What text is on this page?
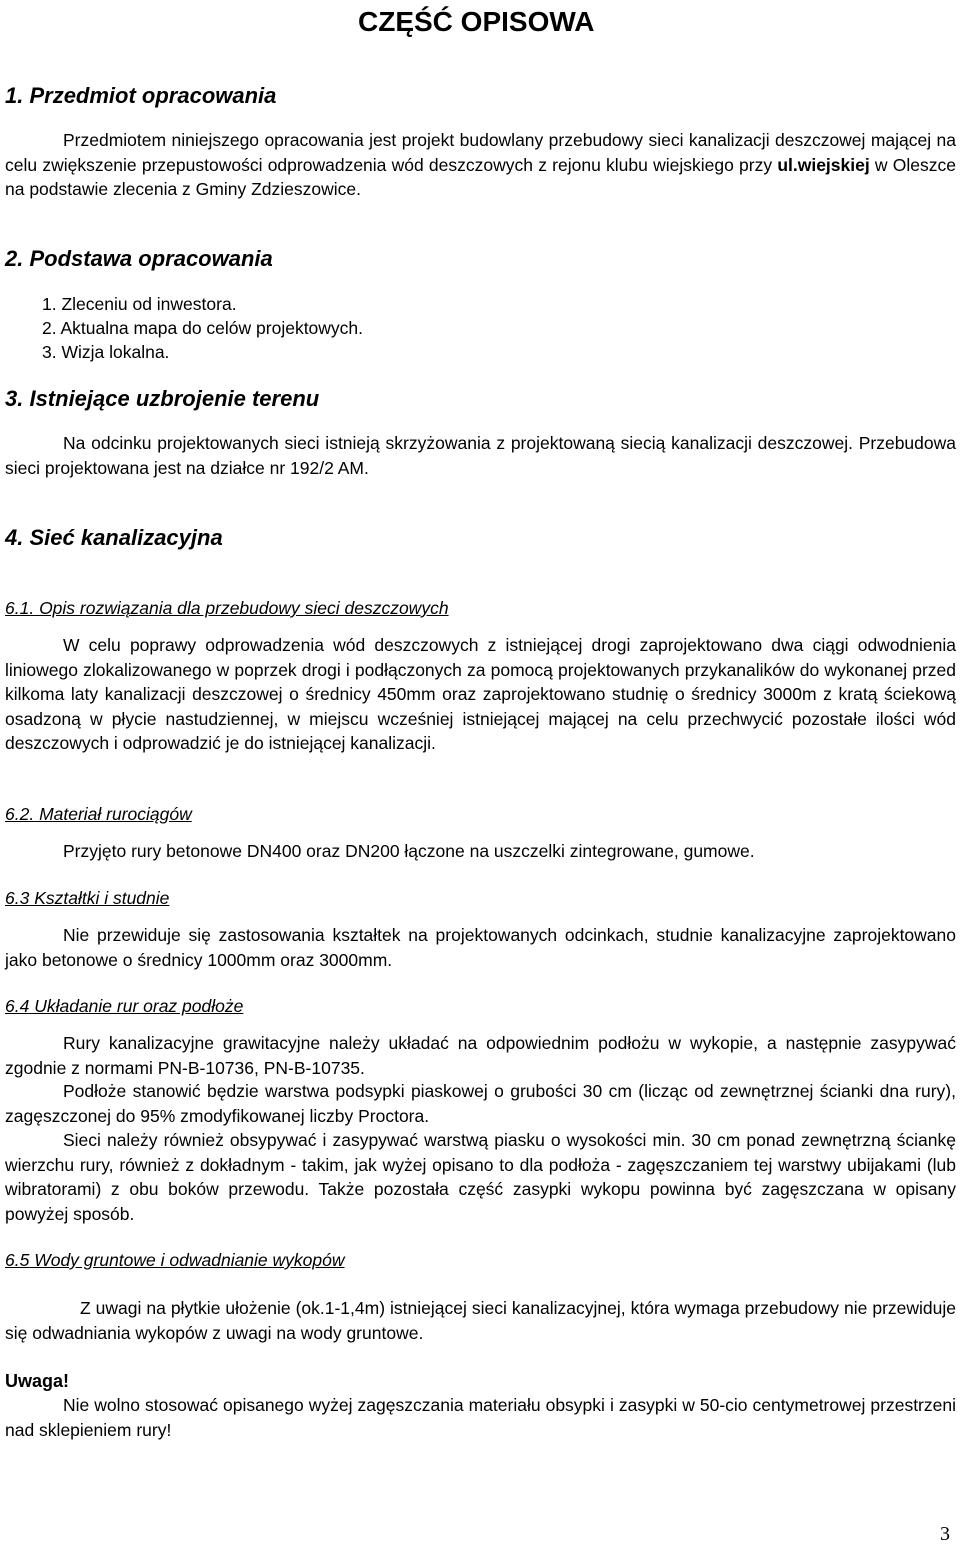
CZĘŚĆ OPISOWA
1. Przedmiot opracowania
Przedmiotem niniejszego opracowania jest projekt budowlany przebudowy sieci kanalizacji deszczowej mającej na celu zwiększenie przepustowości odprowadzenia wód deszczowych z rejonu klubu wiejskiego przy ul.wiejskiej w Oleszce na podstawie zlecenia z Gminy Zdzieszowice.
2. Podstawa opracowania
1. Zleceniu od inwestora.
2. Aktualna mapa do celów projektowych.
3. Wizja lokalna.
3. Istniejące uzbrojenie terenu
Na odcinku projektowanych sieci istnieją skrzyżowania z projektowaną siecią kanalizacji deszczowej. Przebudowa sieci projektowana jest na działce nr 192/2 AM.
4. Sieć kanalizacyjna
6.1. Opis rozwiązania dla przebudowy sieci deszczowych
W celu poprawy odprowadzenia wód deszczowych z istniejącej drogi zaprojektowano dwa ciągi odwodnienia liniowego zlokalizowanego w poprzek drogi i podłączonych za pomocą projektowanych przykanalików do wykonanej przed kilkoma laty kanalizacji deszczowej o średnicy 450mm oraz zaprojektowano studnię o średnicy 3000m z kratą ściekową osadzoną w płycie nastudziennej, w miejscu wcześniej istniejącej mającej na celu przechwycić pozostałe ilości wód deszczowych i odprowadzić je do istniejącej kanalizacji.
6.2. Materiał rurociągów
Przyjęto rury betonowe DN400 oraz DN200 łączone na uszczelki zintegrowane, gumowe.
6.3 Kształtki i studnie
Nie przewiduje się zastosowania kształtek na projektowanych odcinkach, studnie kanalizacyjne zaprojektowano jako betonowe o średnicy 1000mm oraz 3000mm.
6.4 Układanie rur oraz podłoże
Rury kanalizacyjne grawitacyjne należy układać na odpowiednim podłożu w wykopie, a następnie zasypywać zgodnie z normami PN-B-10736, PN-B-10735.
Podłoże stanowić będzie warstwa podsypki piaskowej o grubości 30 cm (licząc od zewnętrznej ścianki dna rury), zagęszczonej do 95% zmodyfikowanej liczby Proctora.
Sieci należy również obsypywać i zasypywać warstwą piasku o wysokości min. 30 cm ponad zewnętrzną ściankę wierzchu rury, również z dokładnym - takim, jak wyżej opisano to dla podłoża - zagęszczaniem tej warstwy ubijakami (lub wibratorami) z obu boków przewodu. Także pozostała część zasypki wykopu powinna być zagęszczana w opisany powyżej sposób.
6.5 Wody gruntowe i odwadnianie wykopów
Z uwagi na płytkie ułożenie (ok.1-1,4m) istniejącej sieci kanalizacyjnej, która wymaga przebudowy nie przewiduje się odwadniania wykopów z uwagi na wody gruntowe.
Uwaga!
Nie wolno stosować opisanego wyżej zagęszczania materiału obsypki i zasypki w 50-cio centymetrowej przestrzeni nad sklepieniem rury!
3
